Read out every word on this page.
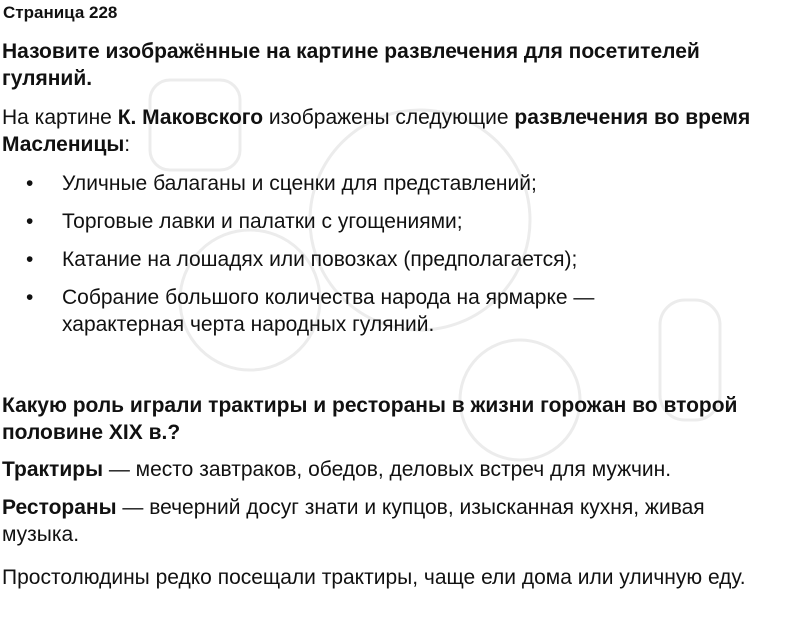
Страница 228
Назовите изображённые на картине развлечения для посетителей гуляний.
На картине К. Маковского изображены следующие развлечения во время Масленицы:
• Уличные балаганы и сценки для представлений;
• Торговые лавки и палатки с угощениями;
• Катание на лошадях или повозках (предполагается);
• Собрание большого количества народа на ярмарке — характерная черта народных гуляний.
Какую роль играли трактиры и рестораны в жизни горожан во второй половине XIX в.?
Трактиры — место завтраков, обедов, деловых встреч для мужчин.
Рестораны — вечерний досуг знати и купцов, изысканная кухня, живая музыка.
Простолюдины редко посещали трактиры, чаще ели дома или уличную еду.
